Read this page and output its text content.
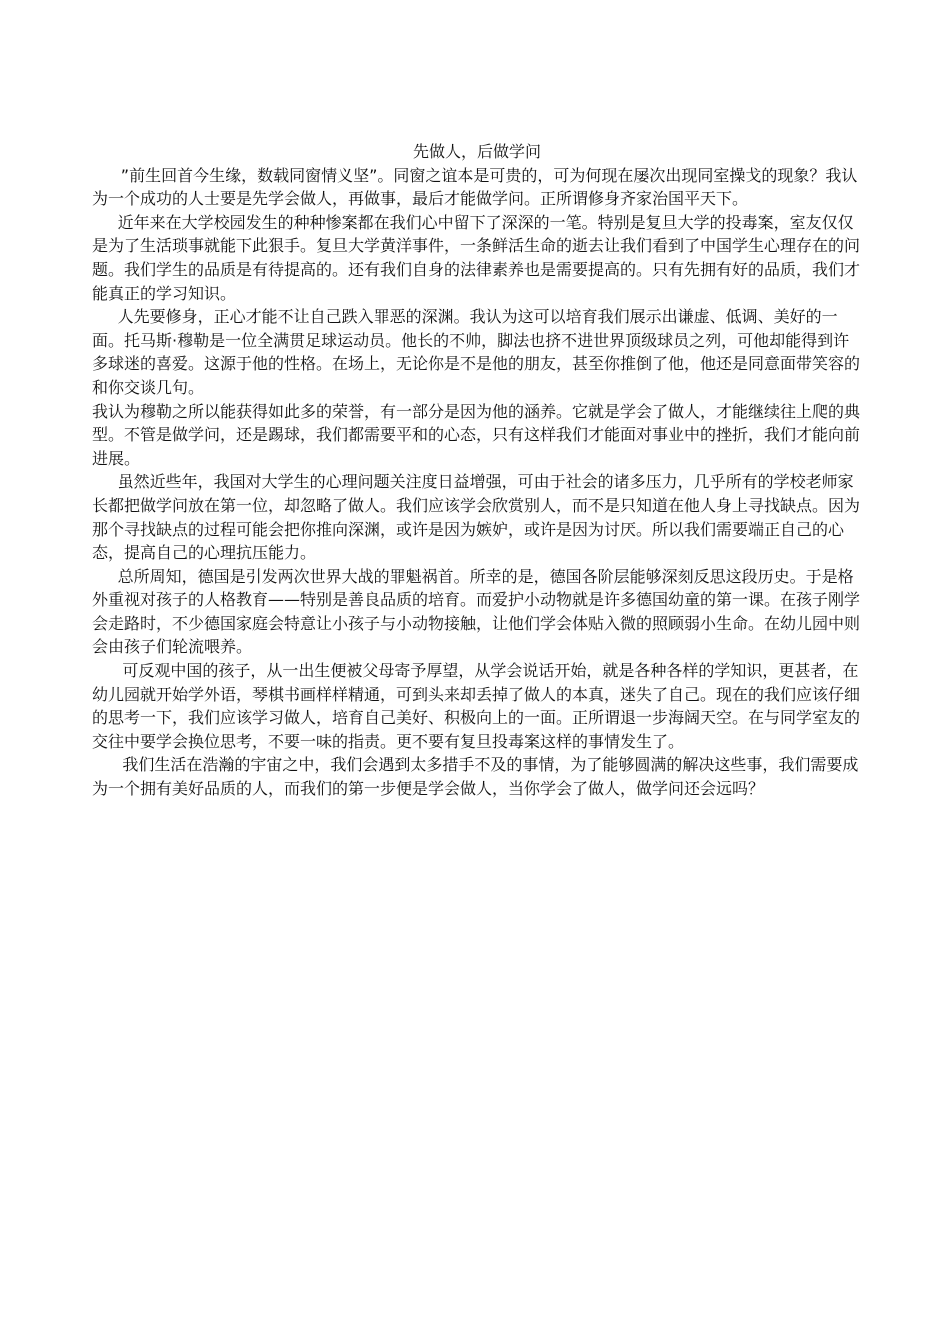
先做人，后做学问

”前生回首今生缘，数载同窗情义坚”。同窗之谊本是可贵的，可为何现在屡次出现同室操戈的现象？我认为一个成功的人士要是先学会做人，再做事，最后才能做学问。正所谓修身齐家治国平天下。

近年来在大学校园发生的种种惨案都在我们心中留下了深深的一笔。特别是复旦大学的投毒案，室友仅仅是为了生活琐事就能下此狠手。复旦大学黄洋事件，一条鲜活生命的逝去让我们看到了中国学生心理存在的问题。我们学生的品质是有待提高的。还有我们自身的法律素养也是需要提高的。只有先拥有好的品质，我们才能真正的学习知识。

人先要修身，正心才能不让自己跌入罪恶的深渊。我认为这可以培育我们展示出谦虚、低调、美好的一面。托马斯·穆勒是一位全满贯足球运动员。他长的不帅，脚法也挤不进世界顶级球员之列，可他却能得到许多球迷的喜爱。这源于他的性格。在场上，无论你是不是他的朋友，甚至你推倒了他，他还是同意面带笑容的和你交谈几句。

我认为穆勒之所以能获得如此多的荣誉，有一部分是因为他的涵养。它就是学会了做人，才能继续往上爬的典型。不管是做学问，还是踢球，我们都需要平和的心态，只有这样我们才能面对事业中的挫折，我们才能向前进展。

虽然近些年，我国对大学生的心理问题关注度日益增强，可由于社会的诸多压力，几乎所有的学校老师家长都把做学问放在第一位，却忽略了做人。我们应该学会欣赏别人，而不是只知道在他人身上寻找缺点。因为那个寻找缺点的过程可能会把你推向深渊，或许是因为嫉妒，或许是因为讨厌。所以我们需要端正自己的心态，提高自己的心理抗压能力。

总所周知，德国是引发两次世界大战的罪魁祸首。所幸的是，德国各阶层能够深刻反思这段历史。于是格外重视对孩子的人格教育——特别是善良品质的培育。而爱护小动物就是许多德国幼童的第一课。在孩子刚学会走路时，不少德国家庭会特意让小孩子与小动物接触，让他们学会体贴入微的照顾弱小生命。在幼儿园中则会由孩子们轮流喂养。

可反观中国的孩子，从一出生便被父母寄予厚望，从学会说话开始，就是各种各样的学知识，更甚者，在幼儿园就开始学外语，琴棋书画样样精通，可到头来却丢掉了做人的本真，迷失了自己。现在的我们应该仔细的思考一下，我们应该学习做人，培育自己美好、积极向上的一面。正所谓退一步海阔天空。在与同学室友的交往中要学会换位思考，不要一味的指责。更不要有复旦投毒案这样的事情发生了。

我们生活在浩瀚的宇宙之中，我们会遇到太多措手不及的事情，为了能够圆满的解决这些事，我们需要成为一个拥有美好品质的人，而我们的第一步便是学会做人，当你学会了做人，做学问还会远吗？
